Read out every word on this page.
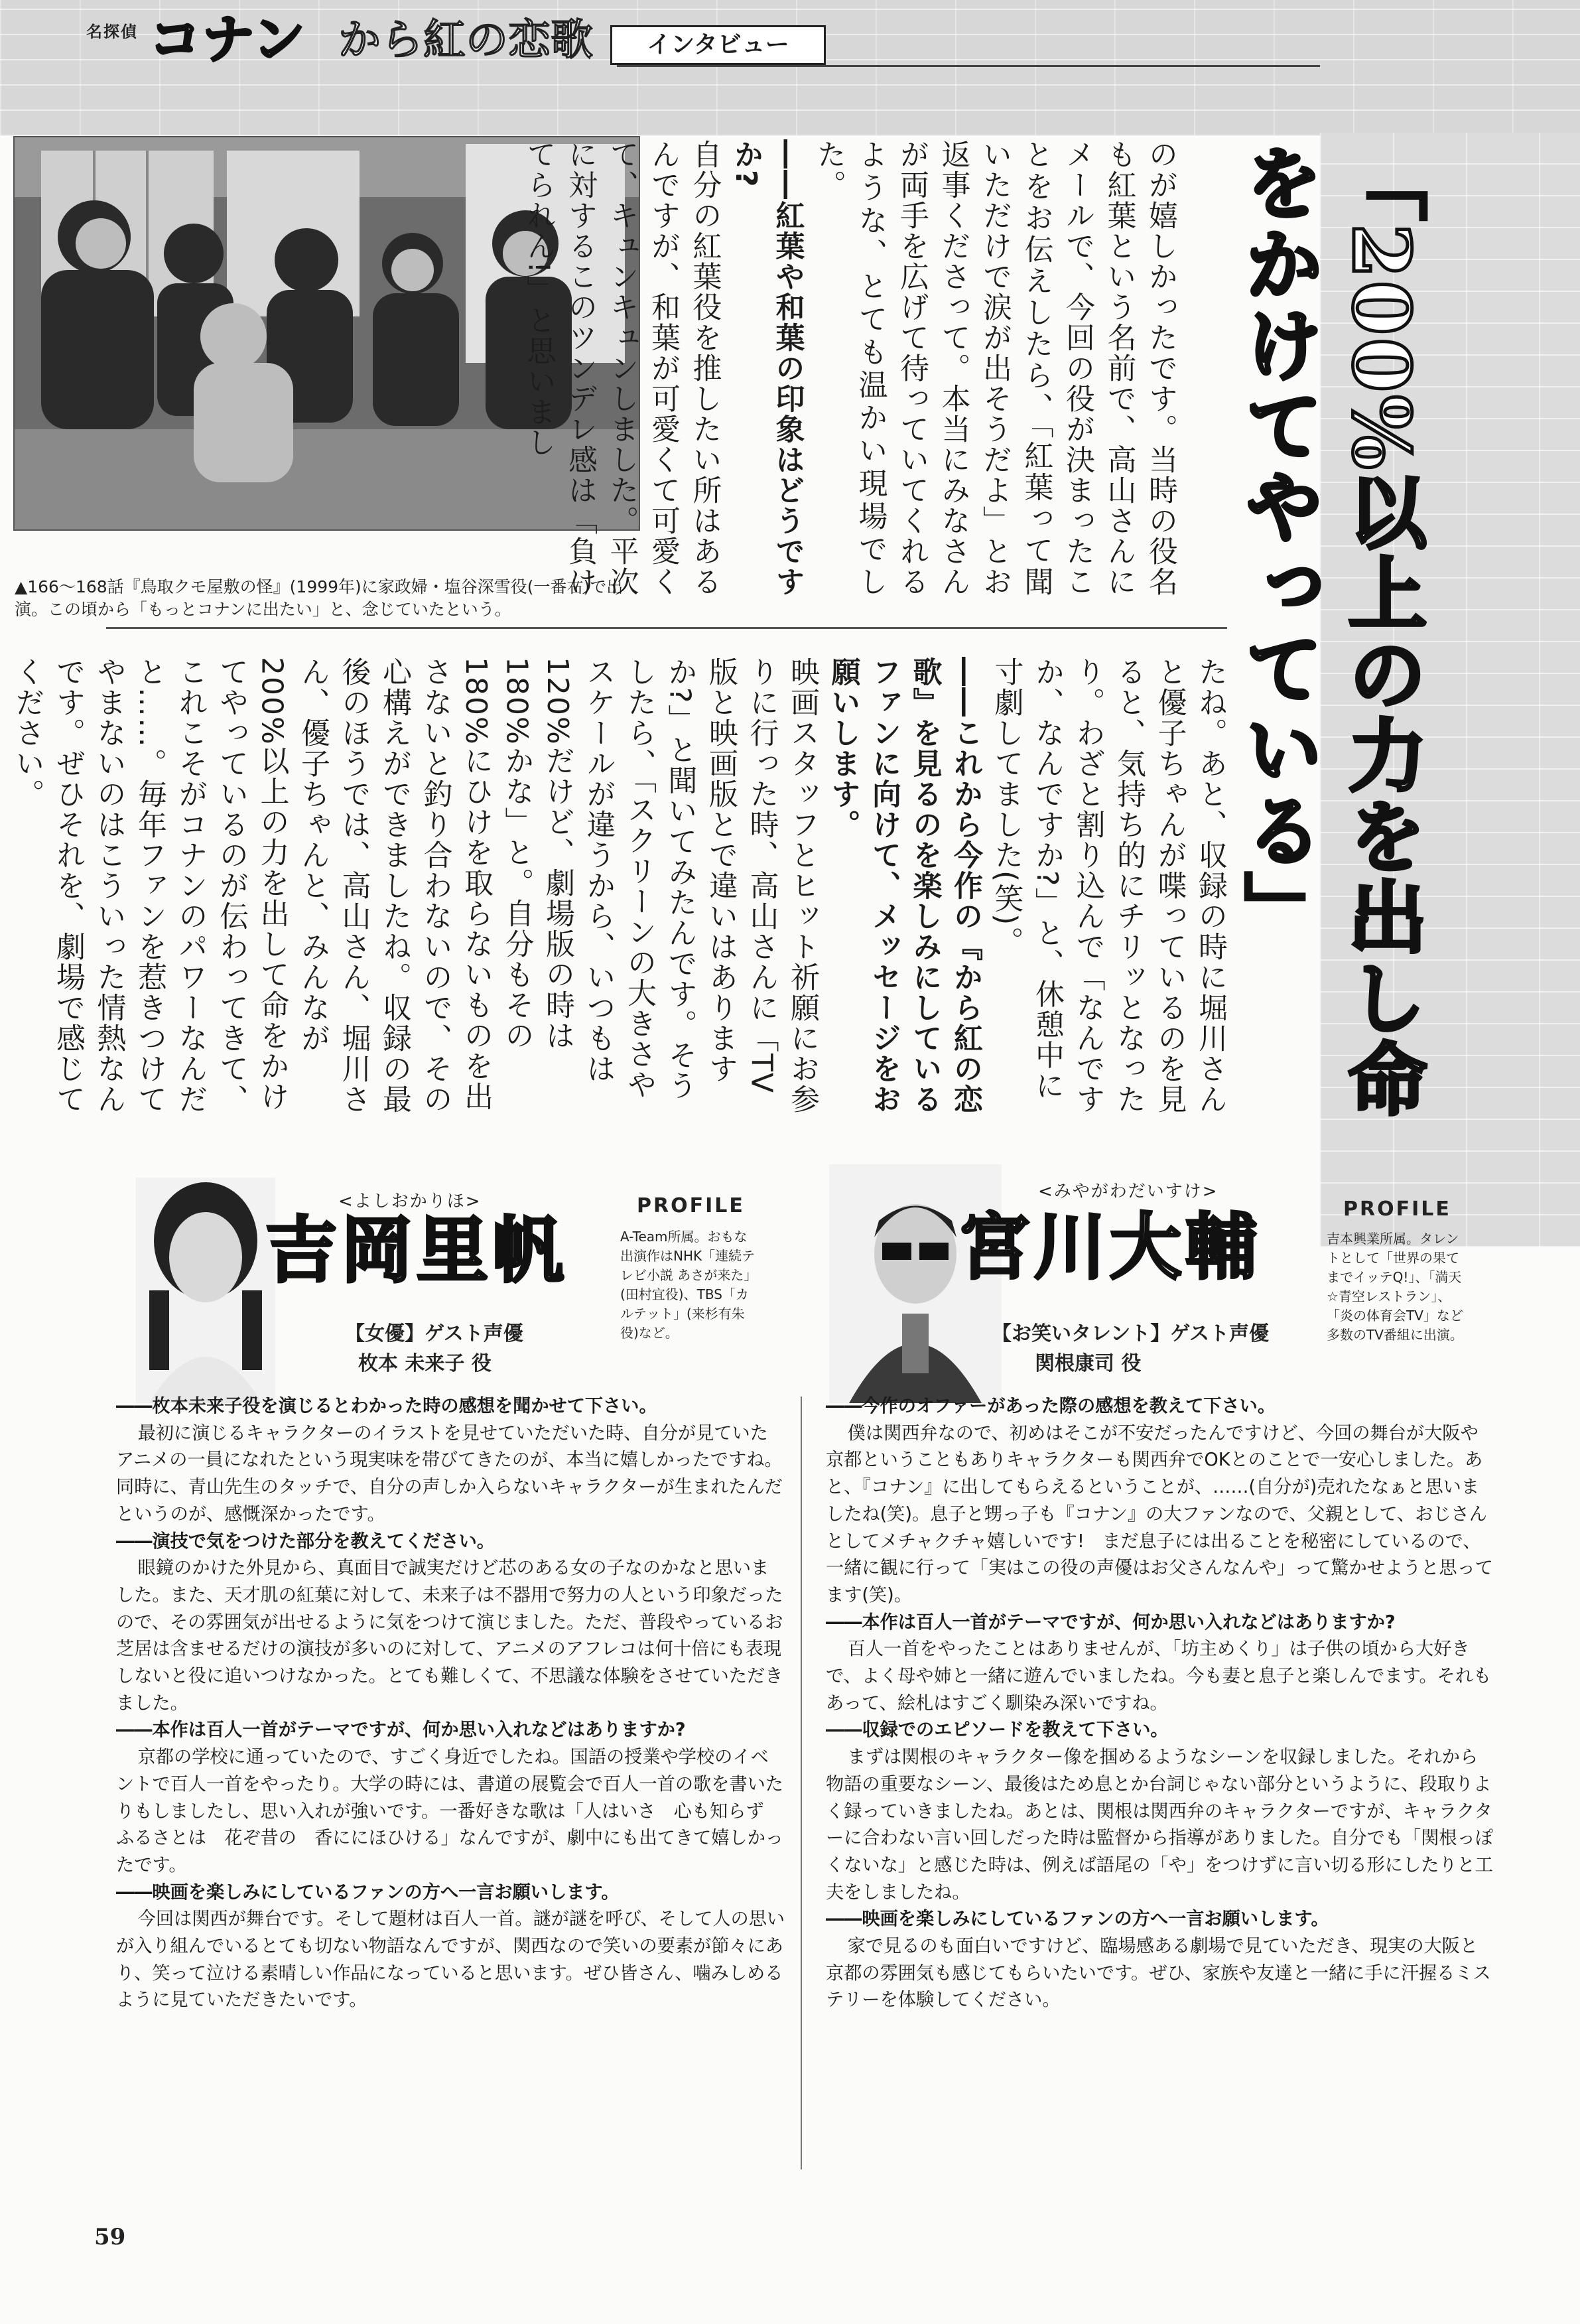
名探偵 コナン から紅の恋歌	インタビュー
▲166～168話『鳥取クモ屋敷の怪』(1999年)に家政婦・塩谷深雪役(一番右)で出演。この頃から「もっとコナンに出たい」と、念じていたという。
のが嬉しかったです。当時の役名も紅葉という名前で、高山さんにメールで、今回の役が決まったことをお伝えしたら、「紅葉って聞いただけで涙が出そうだよ」とお返事くださって。本当にみなさんが両手を広げて待っていてくれるような、とても温かい現場でした。
――紅葉や和葉の印象はどうですか?
自分の紅葉役を推したい所はあるんですが、和葉が可愛くて可愛くて、キュンキュンしました。平次に対するこのツンデレ感は「負けてられん!」と思いまし	「200%以上の力を出し命をかけてやっている」
たね。あと、収録の時に堀川さんと優子ちゃんが喋っているのを見ると、気持ち的にチリッとなったり。わざと割り込んで「なんですか、なんですか?」と、休憩中に寸劇してました(笑)。
――これから今作の『から紅の恋歌』を見るのを楽しみにしているファンに向けて、メッセージをお願いします。
映画スタッフとヒット祈願にお参りに行った時、高山さんに「TV版と映画版とで違いはありますか?」と聞いてみたんです。そうしたら、「スクリーンの大きさやスケールが違うから、いつもは120%だけど、劇場版の時は180%かな」と。自分もその180%にひけを取らないものを出さないと釣り合わないので、その心構えができましたね。収録の最後のほうでは、高山さん、堀川さん、優子ちゃんと、みんなが200%以上の力を出して命をかけてやっているのが伝わってきて、これこそがコナンのパワーなんだと……。毎年ファンを惹きつけてやまないのはこういった情熱なんです。ぜひそれを、劇場で感じてください。
<よしおかりほ>
吉岡里帆
【女優】ゲスト声優
枚本 未来子 役
PROFILE
A-Team所属。おもな出演作はNHK「連続テレビ小説 あさが来た」(田村宜役)、TBS「カルテット」(来杉有朱役)など。
<みやがわだいすけ>
宮川大輔
【お笑いタレント】ゲスト声優
関根康司 役
PROFILE
吉本興業所属。タレントとして「世界の果てまでイッテQ!」、「満天☆青空レストラン」、「炎の体育会TV」など多数のTV番組に出演。

――枚本未来子役を演じるとわかった時の感想を聞かせて下さい。

最初に演じるキャラクターのイラストを見せていただいた時、自分が見ていたアニメの一員になれたという現実味を帯びてきたのが、本当に嬉しかったですね。同時に、青山先生のタッチで、自分の声しか入らないキャラクターが生まれたんだというのが、感慨深かったです。

――演技で気をつけた部分を教えてください。

眼鏡のかけた外見から、真面目で誠実だけど芯のある女の子なのかなと思いました。また、天才肌の紅葉に対して、未来子は不器用で努力の人という印象だったので、その雰囲気が出せるように気をつけて演じました。ただ、普段やっているお芝居は含ませるだけの演技が多いのに対して、アニメのアフレコは何十倍にも表現しないと役に追いつけなかった。とても難しくて、不思議な体験をさせていただきました。

――本作は百人一首がテーマですが、何か思い入れなどはありますか?

京都の学校に通っていたので、すごく身近でしたね。国語の授業や学校のイベントで百人一首をやったり。大学の時には、書道の展覧会で百人一首の歌を書いたりもしましたし、思い入れが強いです。一番好きな歌は「人はいさ　心も知らず　ふるさとは　花ぞ昔の　香ににほひける」なんですが、劇中にも出てきて嬉しかったです。

――映画を楽しみにしているファンの方へ一言お願いします。

今回は関西が舞台です。そして題材は百人一首。謎が謎を呼び、そして人の思いが入り組んでいるとても切ない物語なんですが、関西なので笑いの要素が節々にあり、笑って泣ける素晴しい作品になっていると思います。ぜひ皆さん、噛みしめるように見ていただきたいです。

――今作のオファーがあった際の感想を教えて下さい。

僕は関西弁なので、初めはそこが不安だったんですけど、今回の舞台が大阪や京都ということもありキャラクターも関西弁でOKとのことで一安心しました。あと、『コナン』に出してもらえるということが、……(自分が)売れたなぁと思いましたね(笑)。息子と甥っ子も『コナン』の大ファンなので、父親として、おじさんとしてメチャクチャ嬉しいです!　まだ息子には出ることを秘密にしているので、一緒に観に行って「実はこの役の声優はお父さんなんや」って驚かせようと思ってます(笑)。

――本作は百人一首がテーマですが、何か思い入れなどはありますか?

百人一首をやったことはありませんが、「坊主めくり」は子供の頃から大好きで、よく母や姉と一緒に遊んでいましたね。今も妻と息子と楽しんでます。それもあって、絵札はすごく馴染み深いですね。

――収録でのエピソードを教えて下さい。

まずは関根のキャラクター像を掴めるようなシーンを収録しました。それから物語の重要なシーン、最後はため息とか台詞じゃない部分というように、段取りよく録っていきましたね。あとは、関根は関西弁のキャラクターですが、キャラクターに合わない言い回しだった時は監督から指導がありました。自分でも「関根っぽくないな」と感じた時は、例えば語尾の「や」をつけずに言い切る形にしたりと工夫をしましたね。

――映画を楽しみにしているファンの方へ一言お願いします。

家で見るのも面白いですけど、臨場感ある劇場で見ていただき、現実の大阪と京都の雰囲気も感じてもらいたいです。ぜひ、家族や友達と一緒に手に汗握るミステリーを体験してください。

59
